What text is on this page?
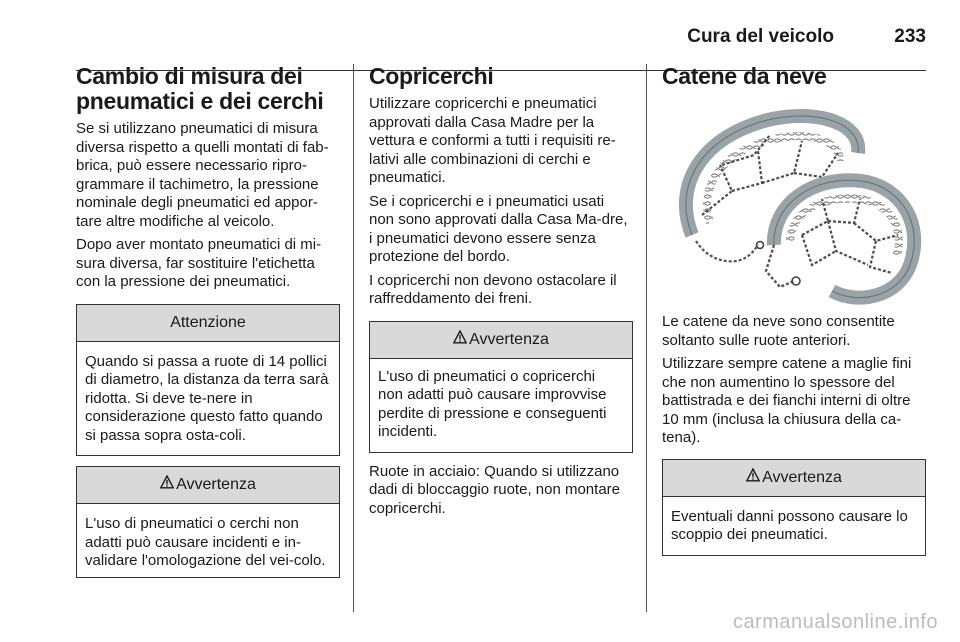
Cura del veicolo	233
Cambio di misura dei pneumatici e dei cerchi

Se si utilizzano pneumatici di misura diversa rispetto a quelli montati di fab-brica, può essere necessario ripro-grammare il tachimetro, la pressione nominale degli pneumatici ed appor-tare altre modifiche al veicolo.

Dopo aver montato pneumatici di mi-sura diversa, far sostituire l'etichetta con la pressione dei pneumatici.

Attenzione
Quando si passa a ruote di 14 pollici di diametro, la distanza da terra sarà ridotta. Si deve te-nere in considerazione questo fatto quando si passa sopra osta-coli.
Avvertenza
L'uso di pneumatici o cerchi non adatti può causare incidenti e in-validare l'omologazione del vei-colo.
Copricerchi

Utilizzare copricerchi e pneumatici approvati dalla Casa Madre per la vettura e conformi a tutti i requisiti re-lativi alle combinazioni di cerchi e pneumatici.

Se i copricerchi e i pneumatici usati non sono approvati dalla Casa Ma-dre, i pneumatici devono essere senza protezione del bordo.

I copricerchi non devono ostacolare il raffreddamento dei freni.

Avvertenza
L'uso di pneumatici o copricerchi non adatti può causare improvvise perdite di pressione e conseguenti incidenti.

Ruote in acciaio: Quando si utilizzano dadi di bloccaggio ruote, non montare copricerchi.

Catene da neve

Le catene da neve sono consentite soltanto sulle ruote anteriori.

Utilizzare sempre catene a maglie fini che non aumentino lo spessore del battistrada e dei fianchi interni di oltre 10 mm (inclusa la chiusura della ca-tena).

Avvertenza
Eventuali danni possono causare lo scoppio dei pneumatici.
carmanualsonline.info
